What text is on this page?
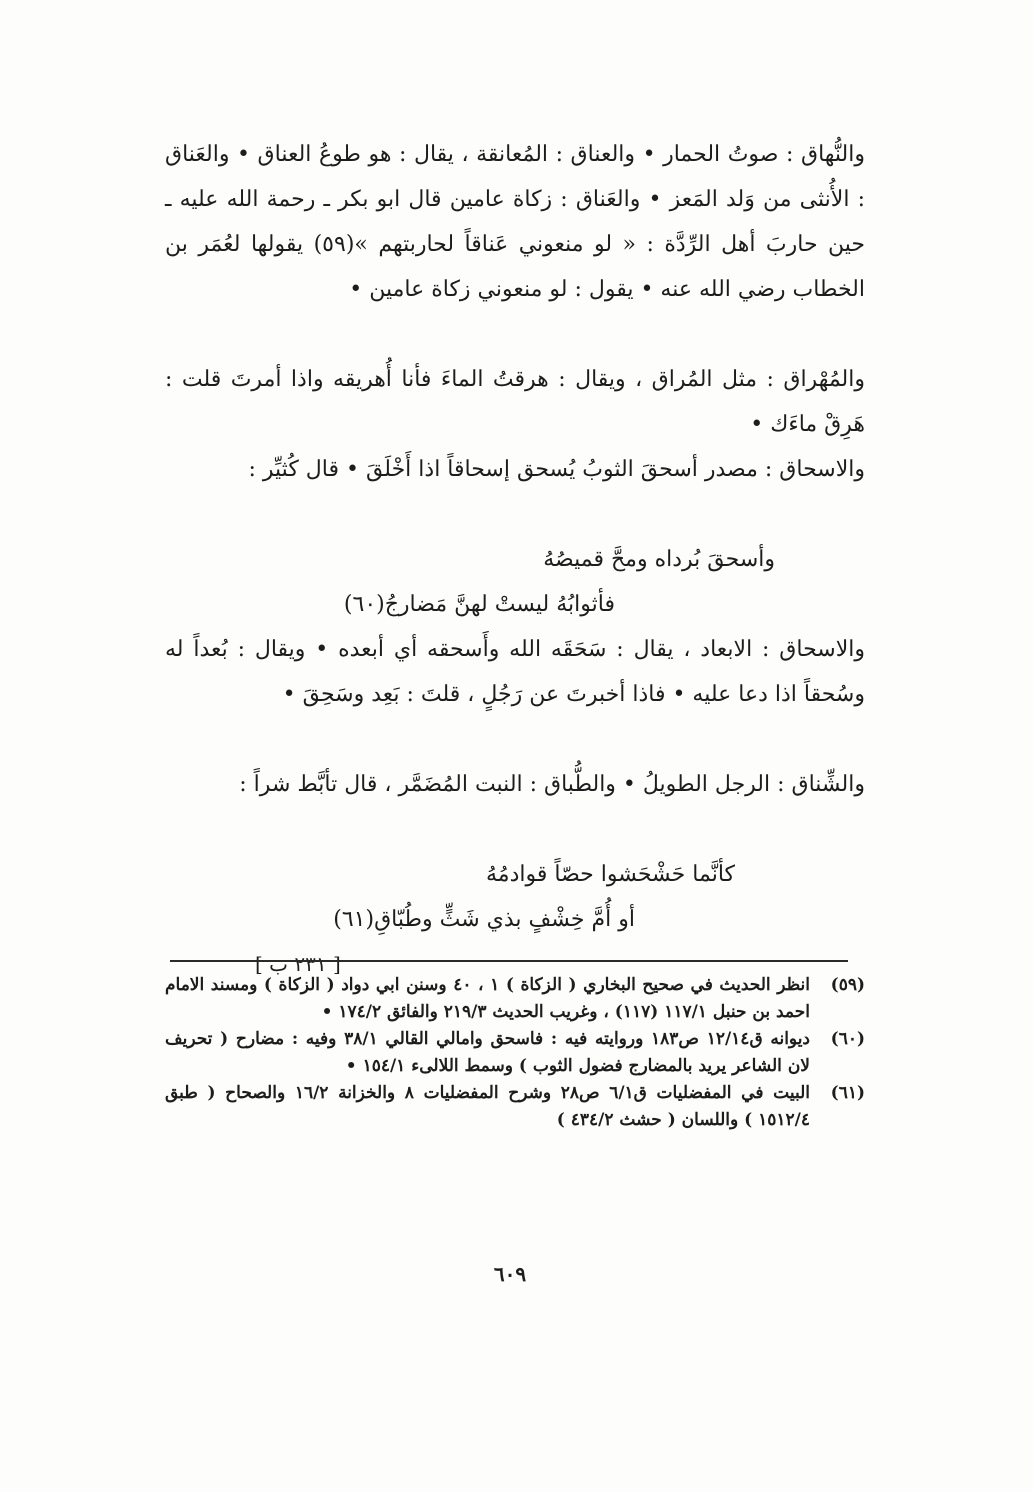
والنُّهاق : صوتُ الحمار • والعناق : المُعانقة ، يقال : هو طوعُ العناق • والعَناق : الأُنثى من وَلد المَعز • والعَناق : زكاة عامين قال ابو بكر ـ رحمة الله عليه ـ حين حاربَ أهل الرِّدَّة : « لو منعوني عَناقاً لحاربتهم »(٥٩) يقولها لعُمَر بن الخطاب رضي الله عنه • يقول : لو منعوني زكاة عامين •

والمُهْراق : مثل المُراق ، ويقال : هرقتُ الماءَ فأنا أُهريقه واذا أمرتَ قلت : هَرِقْ ماءَك •

والاسحاق : مصدر أسحقَ الثوبُ يُسحق إسحاقاً اذا أَخْلَقَ • قال كُثيِّر :

وأسحقَ بُرداه ومحَّ قميصُهُ
فأثوابُهُ ليستْ لهنَّ مَضارجُ(٦٠)

والاسحاق : الابعاد ، يقال : سَحَقَه الله وأَسحقه أي أبعده • ويقال : بُعداً له وسُحقاً اذا دعا عليه • فاذا أخبرتَ عن رَجُلٍ ، قلتَ : بَعِد وسَحِقَ •

والشِّناق : الرجل الطويلُ • والطُّباق : النبت المُضَمَّر ، قال تأبَّط شراً :

كأنَّما حَشْحَشوا حصّاً قوادمُهُ
أو أُمَّ خِشْفٍ بذي شَثٍّ وطُبّاقِ(٦١)
[ ٢٣١ ب ]
(٥٩)
انظر الحديث في صحيح البخاري ( الزكاة ) ١ ، ٤٠ وسنن ابي دواد ( الزكاة ) ومسند الامام احمد بن حنبل ١١٧/١ (١١٧) ، وغريب الحديث ٢١٩/٣ والفائق ١٧٤/٢ •
(٦٠)
ديوانه ق١٢/١٤ ص١٨٣ وروايته فيه : فاسحق وامالي القالي ٣٨/١ وفيه : مضارح ( تحريف لان الشاعر يريد بالمضارج فضول الثوب ) وسمط اللالىء ١٥٤/١ •
(٦١)
البيت في المفضليات ق٦/١ ص٢٨ وشرح المفضليات ٨ والخزانة ١٦/٢ والصحاح ( طبق ١٥١٢/٤ ) واللسان ( حشث ٤٣٤/٢ )
٦٠٩
